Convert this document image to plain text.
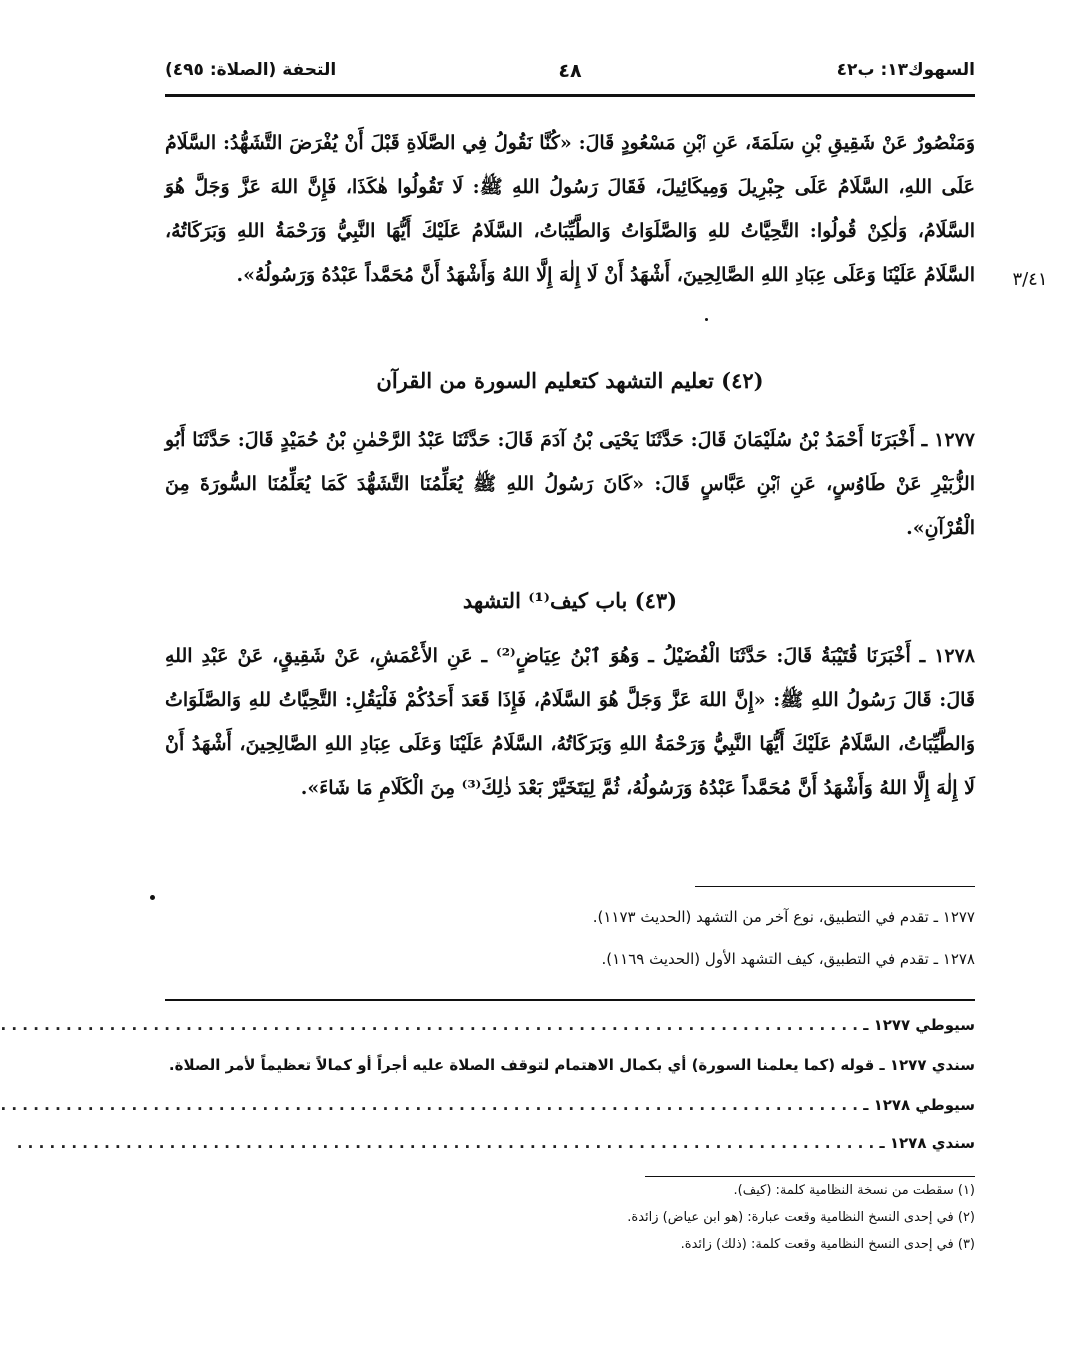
٣/٤١
السهوك١٣: ب٤٢
٤٨
التحفة (الصلاة: ٤٩٥)
وَمَنْصُورٌ عَنْ شَقِيقِ بْنِ سَلَمَةَ، عَنِ ٱبْنِ مَسْعُودٍ قَالَ: «كُنَّا نَقُولُ فِي الصَّلَاةِ قَبْلَ أَنْ يُفْرَضَ التَّشَهُّدُ: السَّلَامُ عَلَى اللهِ، السَّلَامُ عَلَى جِبْرِيلَ وَمِيكَائِيلَ، فَقَالَ رَسُولُ اللهِ ﷺ: لَا تَقُولُوا هٰكَذَا، فَإِنَّ اللهَ عَزَّ وَجَلَّ هُوَ السَّلَامُ، وَلٰكِنْ قُولُوا: التَّحِيَّاتُ للهِ وَالصَّلَوَاتُ وَالطَّيِّبَاتُ، السَّلَامُ عَلَيْكَ أَيُّهَا النَّبِيُّ وَرَحْمَةُ اللهِ وَبَرَكَاتُهُ، السَّلَامُ عَلَيْنَا وَعَلَى عِبَادِ اللهِ الصَّالِحِينَ، أَشْهَدُ أَنْ لَا إِلٰهَ إِلَّا اللهُ وَأَشْهَدُ أَنَّ مُحَمَّداً عَبْدُهُ وَرَسُولُهُ».
(٤٢) تعليم التشهد كتعليم السورة من القرآن
١٢٧٧ ـ أَخْبَرَنَا أَحْمَدُ بْنُ سُلَيْمَانَ قَالَ: حَدَّثَنَا يَحْيَى بْنُ آدَمَ قَالَ: حَدَّثَنَا عَبْدُ الرَّحْمٰنِ بْنُ حُمَيْدٍ قَالَ: حَدَّثَنَا أَبُو الزُّبَيْرِ عَنْ طَاوُسٍ، عَنِ ٱبْنِ عَبَّاسٍ قَالَ: «كَانَ رَسُولُ اللهِ ﷺ يُعَلِّمُنَا التَّشَهُّدَ كَمَا يُعَلِّمُنَا السُّورَةَ مِنَ الْقُرْآنِ».
(٤٣) باب كيف⁽¹⁾ التشهد
١٢٧٨ ـ أَخْبَرَنَا قُتَيْبَةُ قَالَ: حَدَّثَنَا الْفُضَيْلُ ـ وَهُوَ ٱبْنُ عِيَاضٍ⁽²⁾ ـ عَنِ الأَعْمَشِ، عَنْ شَقِيقٍ، عَنْ عَبْدِ اللهِ قَالَ: قَالَ رَسُولُ اللهِ ﷺ: «إِنَّ اللهَ عَزَّ وَجَلَّ هُوَ السَّلَامُ، فَإِذَا قَعَدَ أَحَدُكُمْ فَلْيَقُلِ: التَّحِيَّاتُ للهِ وَالصَّلَوَاتُ وَالطَّيِّبَاتُ، السَّلَامُ عَلَيْكَ أَيُّهَا النَّبِيُّ وَرَحْمَةُ اللهِ وَبَرَكَاتُهُ، السَّلَامُ عَلَيْنَا وَعَلَى عِبَادِ اللهِ الصَّالِحِينَ، أَشْهَدُ أَنْ لَا إِلٰهَ إِلَّا اللهُ وَأَشْهَدُ أَنَّ مُحَمَّداً عَبْدُهُ وَرَسُولُهُ، ثُمَّ لِيَتَخَيَّرْ بَعْدَ ذٰلِكَ⁽³⁾ مِنَ الْكَلَامِ مَا شَاءَ».
١٢٧٧ ـ تقدم في التطبيق، نوع آخر من التشهد (الحديث ١١٧٣).
١٢٧٨ ـ تقدم في التطبيق، كيف التشهد الأول (الحديث ١١٦٩).
سيوطي ١٢٧٧ ـ . . . . . . . . . . . . . . . . . . . . . . . . . . . . . . . . . . . . . . . . . . . . . . . . . . . . . . . . . . . . . . . . . . . . . . . . . . . . . . .
سندي ١٢٧٧ ـ قوله (كما يعلمنا السورة) أي بكمال الاهتمام لتوقف الصلاة عليه أجراً أو كمالاً تعظيماً لأمر الصلاة.
سيوطي ١٢٧٨ ـ . . . . . . . . . . . . . . . . . . . . . . . . . . . . . . . . . . . . . . . . . . . . . . . . . . . . . . . . . . . . . . . . . . . . . . . . . . . . . . .
سندي ١٢٧٨ ـ . . . . . . . . . . . . . . . . . . . . . . . . . . . . . . . . . . . . . . . . . . . . . . . . . . . . . . . . . . . . . . . . . . . . . . . . . . . . . . .
(١) سقطت من نسخة النظامية كلمة: (كيف).
(٢) في إحدى النسخ النظامية وقعت عبارة: (هو ابن عياض) زائدة.
(٣) في إحدى النسخ النظامية وقعت كلمة: (ذلك) زائدة.
